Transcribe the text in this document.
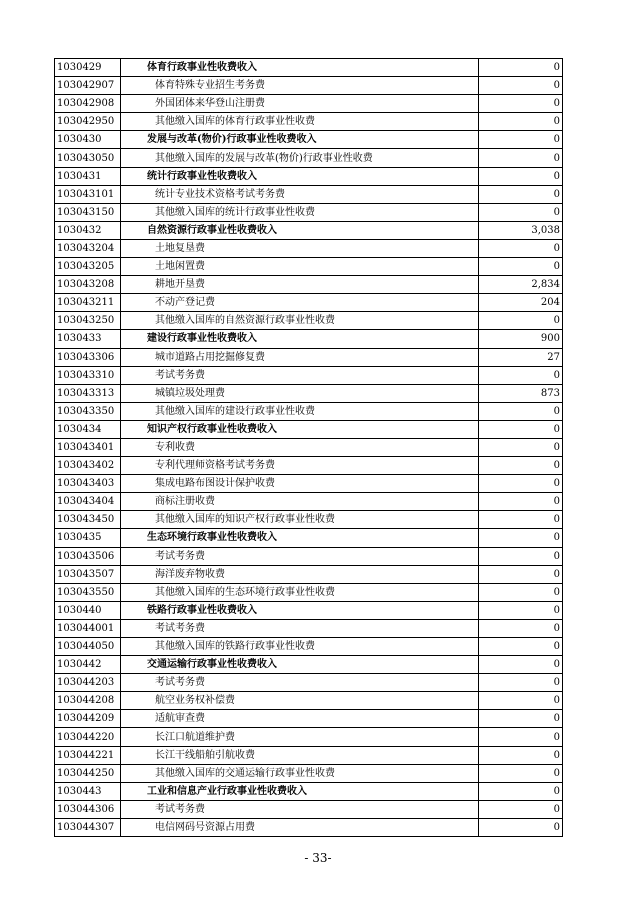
1030429	体育行政事业性收费收入	0
103042907	体育特殊专业招生考务费	0
103042908	外国团体来华登山注册费	0
103042950	其他缴入国库的体育行政事业性收费	0
1030430	发展与改革(物价)行政事业性收费收入	0
103043050	其他缴入国库的发展与改革(物价)行政事业性收费	0
1030431	统计行政事业性收费收入	0
103043101	统计专业技术资格考试考务费	0
103043150	其他缴入国库的统计行政事业性收费	0
1030432	自然资源行政事业性收费收入	3,038
103043204	土地复垦费	0
103043205	土地闲置费	0
103043208	耕地开垦费	2,834
103043211	不动产登记费	204
103043250	其他缴入国库的自然资源行政事业性收费	0
1030433	建设行政事业性收费收入	900
103043306	城市道路占用挖掘修复费	27
103043310	考试考务费	0
103043313	城镇垃圾处理费	873
103043350	其他缴入国库的建设行政事业性收费	0
1030434	知识产权行政事业性收费收入	0
103043401	专利收费	0
103043402	专利代理师资格考试考务费	0
103043403	集成电路布图设计保护收费	0
103043404	商标注册收费	0
103043450	其他缴入国库的知识产权行政事业性收费	0
1030435	生态环境行政事业性收费收入	0
103043506	考试考务费	0
103043507	海洋废弃物收费	0
103043550	其他缴入国库的生态环境行政事业性收费	0
1030440	铁路行政事业性收费收入	0
103044001	考试考务费	0
103044050	其他缴入国库的铁路行政事业性收费	0
1030442	交通运输行政事业性收费收入	0
103044203	考试考务费	0
103044208	航空业务权补偿费	0
103044209	适航审查费	0
103044220	长江口航道维护费	0
103044221	长江干线船舶引航收费	0
103044250	其他缴入国库的交通运输行政事业性收费	0
1030443	工业和信息产业行政事业性收费收入	0
103044306	考试考务费	0
103044307	电信网码号资源占用费	0
- 33-
